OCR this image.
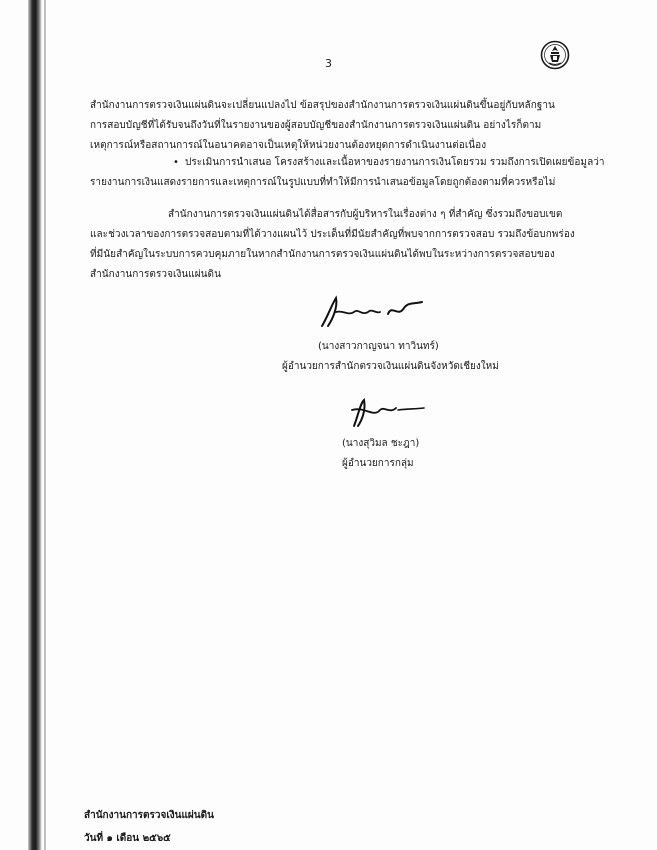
3
สำนักงานการตรวจเงินแผ่นดินจะเปลี่ยนแปลงไป ข้อสรุปของสำนักงานการตรวจเงินแผ่นดินขึ้นอยู่กับหลักฐาน
การสอบบัญชีที่ได้รับจนถึงวันที่ในรายงานของผู้สอบบัญชีของสำนักงานการตรวจเงินแผ่นดิน อย่างไรก็ตาม
เหตุการณ์หรือสถานการณ์ในอนาคตอาจเป็นเหตุให้หน่วยงานต้องหยุดการดำเนินงานต่อเนื่อง
• ประเมินการนำเสนอ โครงสร้างและเนื้อหาของรายงานการเงินโดยรวม รวมถึงการเปิดเผยข้อมูลว่า
รายงานการเงินแสดงรายการและเหตุการณ์ในรูปแบบที่ทำให้มีการนำเสนอข้อมูลโดยถูกต้องตามที่ควรหรือไม่
สำนักงานการตรวจเงินแผ่นดินได้สื่อสารกับผู้บริหารในเรื่องต่าง ๆ ที่สำคัญ ซึ่งรวมถึงขอบเขต
และช่วงเวลาของการตรวจสอบตามที่ได้วางแผนไว้ ประเด็นที่มีนัยสำคัญที่พบจากการตรวจสอบ รวมถึงข้อบกพร่อง
ที่มีนัยสำคัญในระบบการควบคุมภายในหากสำนักงานการตรวจเงินแผ่นดินได้พบในระหว่างการตรวจสอบของ
สำนักงานการตรวจเงินแผ่นดิน
(นางสาวกาญจนา ทาวินทร์)
ผู้อำนวยการสำนักตรวจเงินแผ่นดินจังหวัดเชียงใหม่
(นางสุวิมล ชะฎา)
ผู้อำนวยการกลุ่ม
สำนักงานการตรวจเงินแผ่นดิน
วันที่ ๑ เดือน ๒๕๖๕
